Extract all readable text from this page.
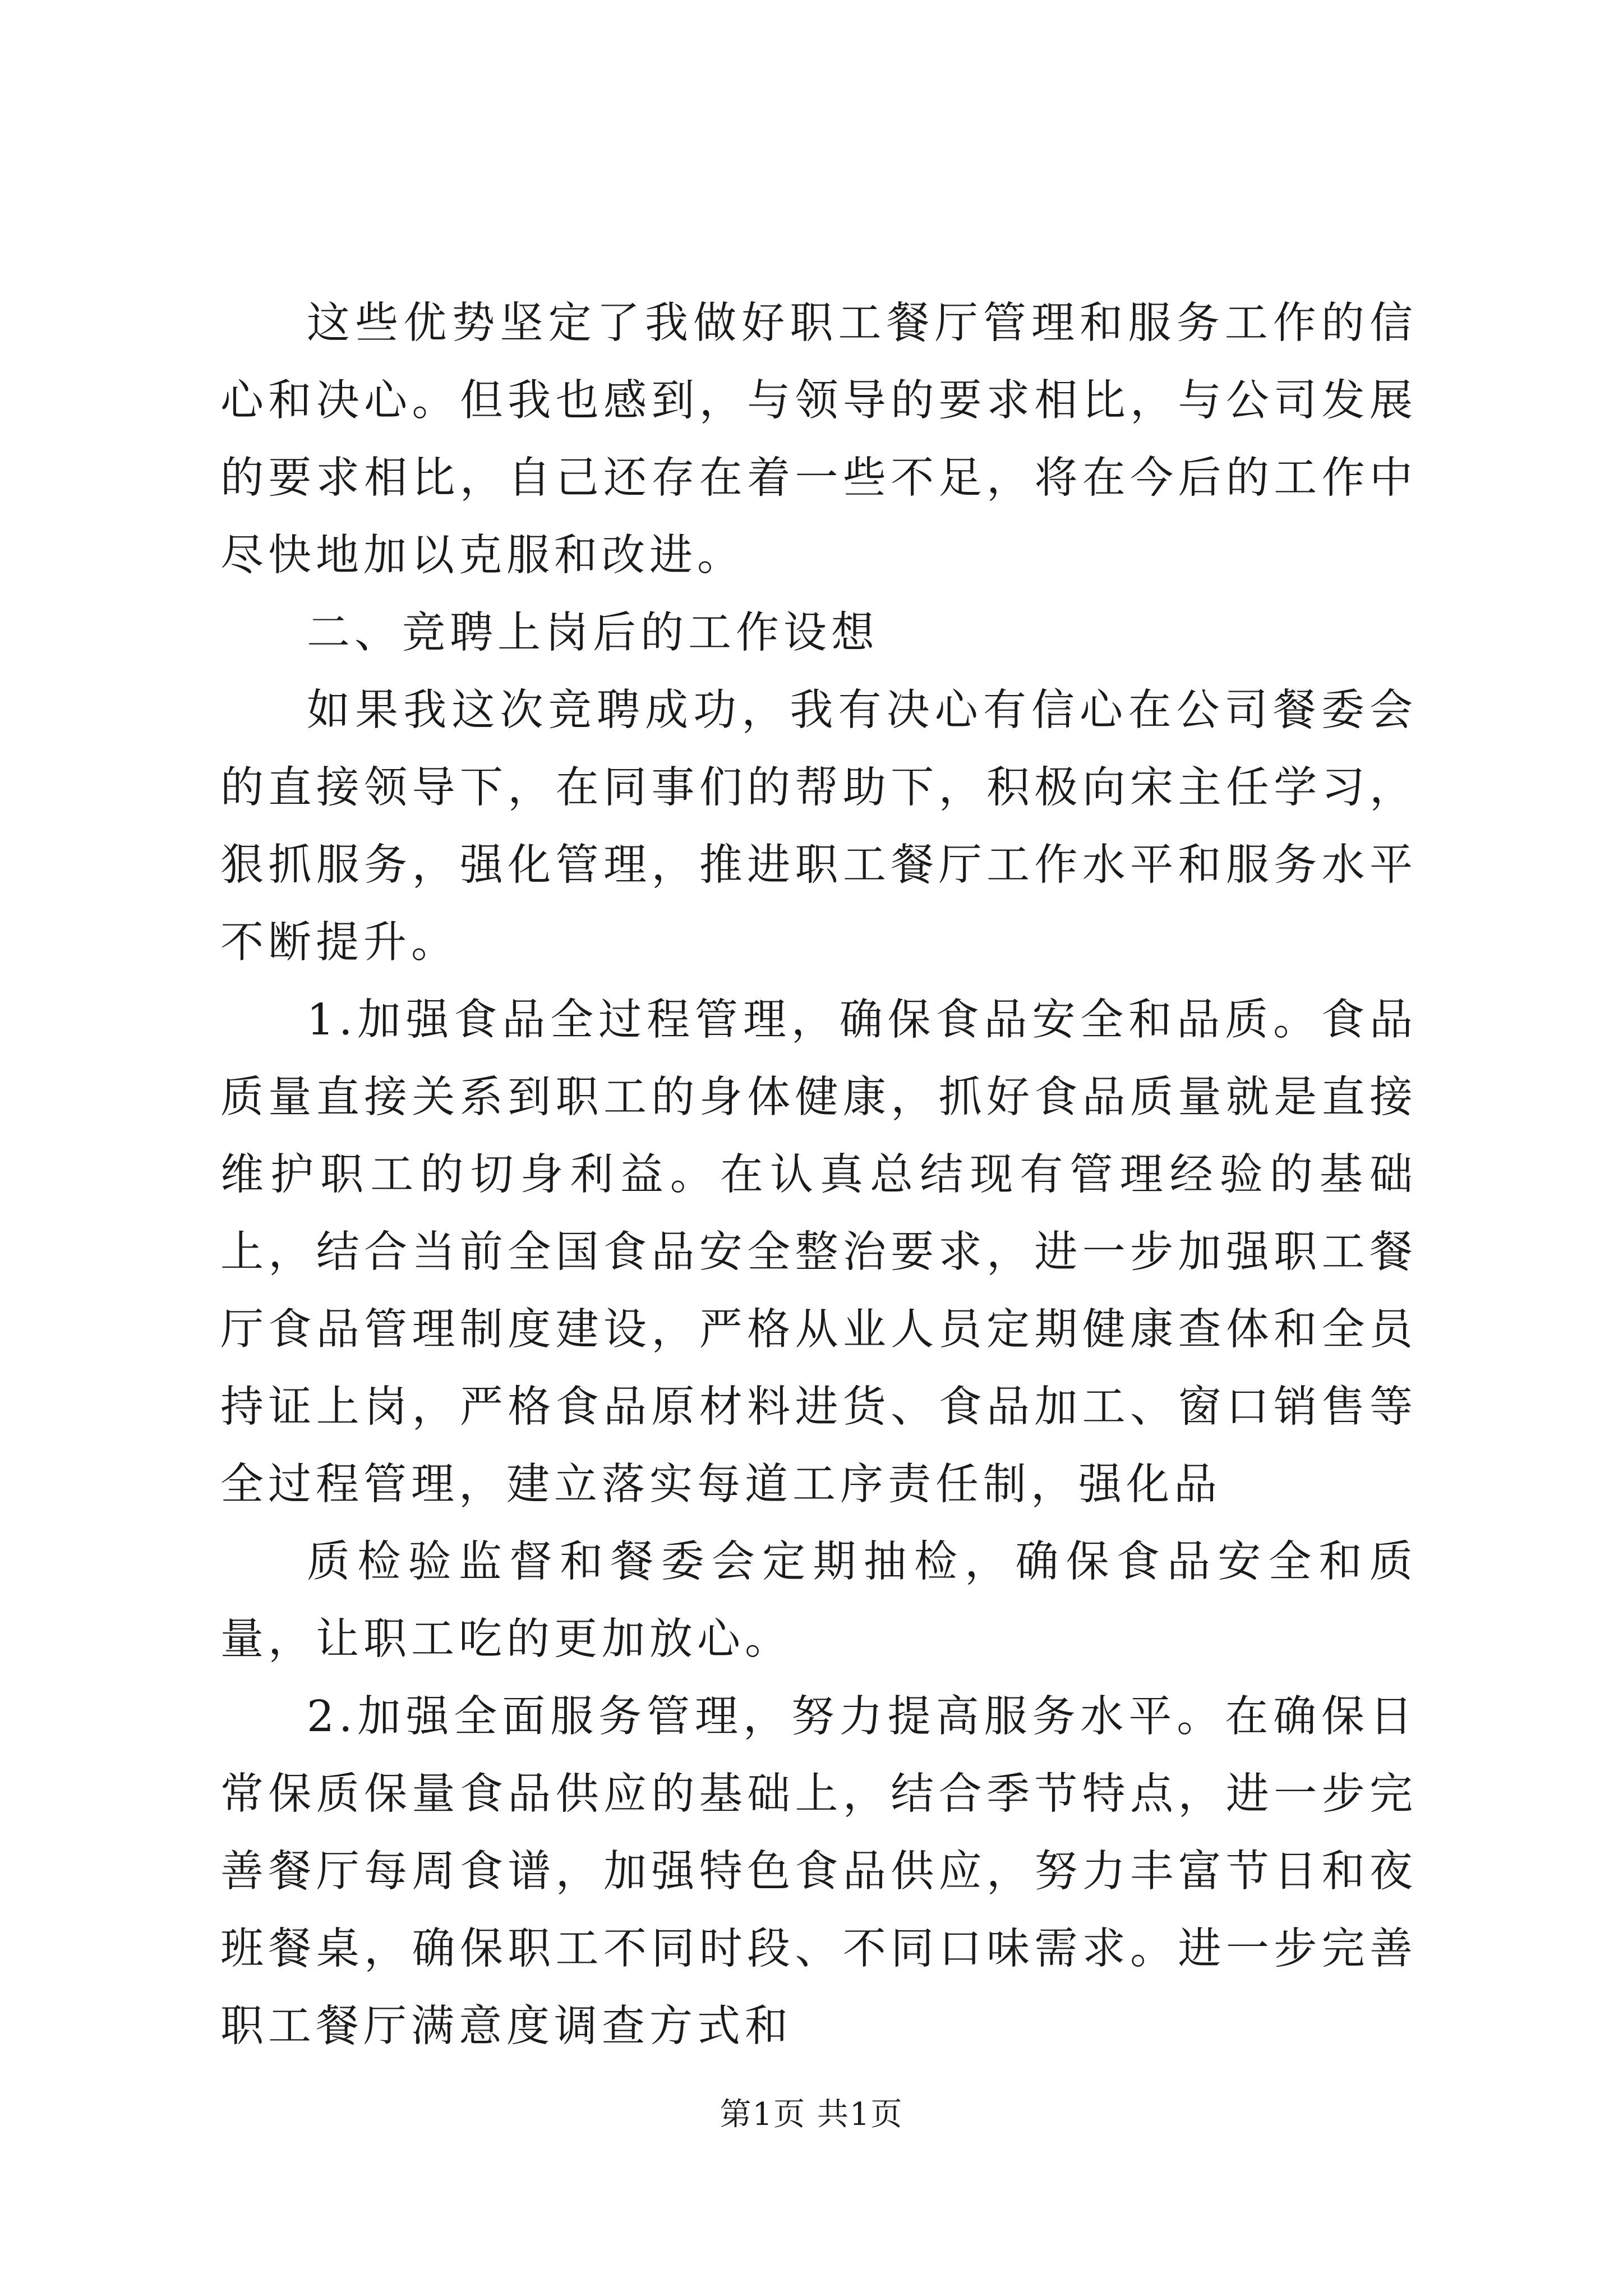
这些优势坚定了我做好职工餐厅管理和服务工作的信心和决心。但我也感到，与领导的要求相比，与公司发展的要求相比，自己还存在着一些不足，将在今后的工作中尽快地加以克服和改进。

二、竞聘上岗后的工作设想

如果我这次竞聘成功，我有决心有信心在公司餐委会的直接领导下，在同事们的帮助下，积极向宋主任学习，狠抓服务，强化管理，推进职工餐厅工作水平和服务水平不断提升。

1.加强食品全过程管理，确保食品安全和品质。食品质量直接关系到职工的身体健康，抓好食品质量就是直接维护职工的切身利益。在认真总结现有管理经验的基础上，结合当前全国食品安全整治要求，进一步加强职工餐厅食品管理制度建设，严格从业人员定期健康查体和全员持证上岗，严格食品原材料进货、食品加工、窗口销售等全过程管理，建立落实每道工序责任制，强化品

质检验监督和餐委会定期抽检，确保食品安全和质量，让职工吃的更加放心。

2.加强全面服务管理，努力提高服务水平。在确保日常保质保量食品供应的基础上，结合季节特点，进一步完善餐厅每周食谱，加强特色食品供应，努力丰富节日和夜班餐桌，确保职工不同时段、不同口味需求。进一步完善职工餐厅满意度调查方式和

第1页 共1页
